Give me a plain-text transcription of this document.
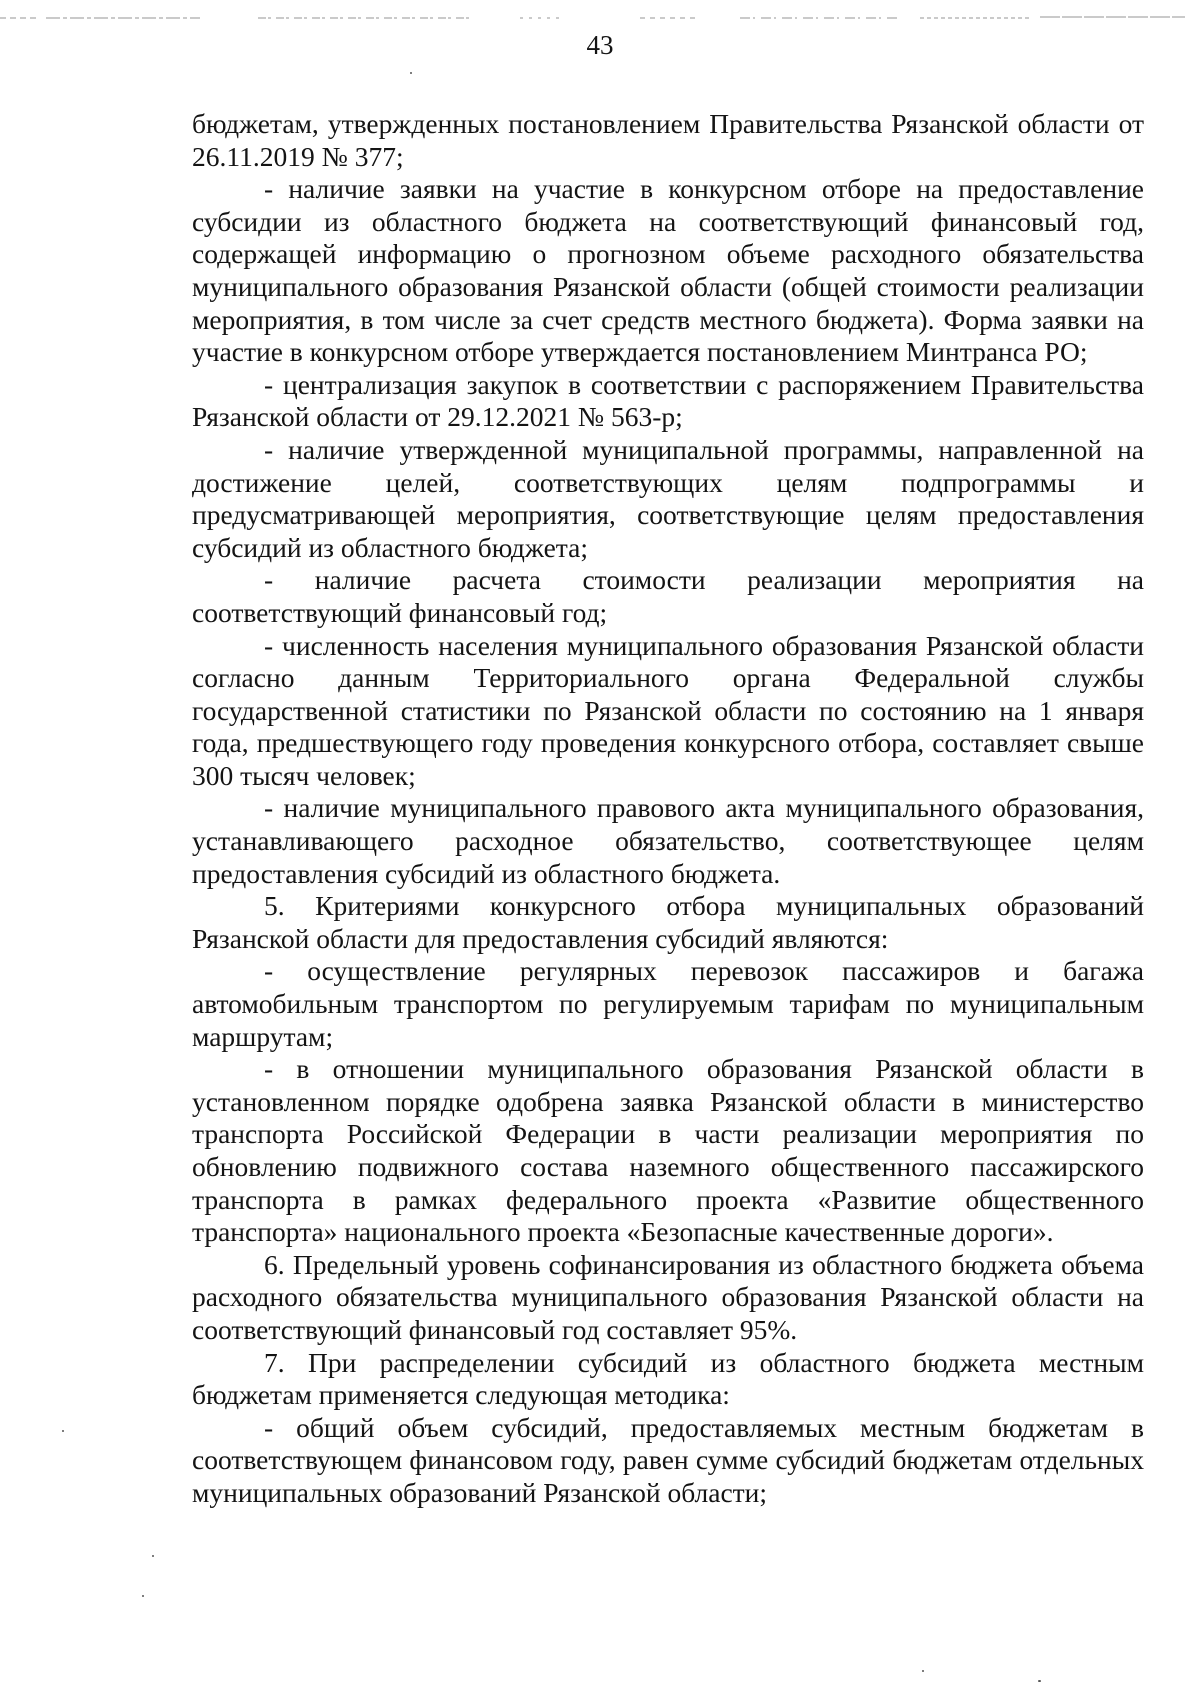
43

бюджетам, утвержденных постановлением Правительства Рязанской области от 26.11.2019 № 377;

- наличие заявки на участие в конкурсном отборе на предоставление субсидии из областного бюджета на соответствующий финансовый год, содержащей информацию о прогнозном объеме расходного обязательства муниципального образования Рязанской области (общей стоимости реализации мероприятия, в том числе за счет средств местного бюджета). Форма заявки на участие в конкурсном отборе утверждается постановлением Минтранса РО;

- централизация закупок в соответствии с распоряжением Правительства Рязанской области от 29.12.2021 № 563-р;

- наличие утвержденной муниципальной программы, направленной на достижение целей, соответствующих целям подпрограммы и предусматривающей мероприятия, соответствующие целям предоставления субсидий из областного бюджета;

- наличие расчета стоимости реализации мероприятия на соответствующий финансовый год;

- численность населения муниципального образования Рязанской области согласно данным Территориального органа Федеральной службы государственной статистики по Рязанской области по состоянию на 1 января года, предшествующего году проведения конкурсного отбора, составляет свыше 300 тысяч человек;

- наличие муниципального правового акта муниципального образования, устанавливающего расходное обязательство, соответствующее целям предоставления субсидий из областного бюджета.

5. Критериями конкурсного отбора муниципальных образований Рязанской области для предоставления субсидий являются:

- осуществление регулярных перевозок пассажиров и багажа автомобильным транспортом по регулируемым тарифам по муниципальным маршрутам;

- в отношении муниципального образования Рязанской области в установленном порядке одобрена заявка Рязанской области в министерство транспорта Российской Федерации в части реализации мероприятия по обновлению подвижного состава наземного общественного пассажирского транспорта в рамках федерального проекта «Развитие общественного транспорта» национального проекта «Безопасные качественные дороги».

6. Предельный уровень софинансирования из областного бюджета объема расходного обязательства муниципального образования Рязанской области на соответствующий финансовый год составляет 95%.

7. При распределении субсидий из областного бюджета местным бюджетам применяется следующая методика:

- общий объем субсидий, предоставляемых местным бюджетам в соответствующем финансовом году, равен сумме субсидий бюджетам отдельных муниципальных образований Рязанской области;
